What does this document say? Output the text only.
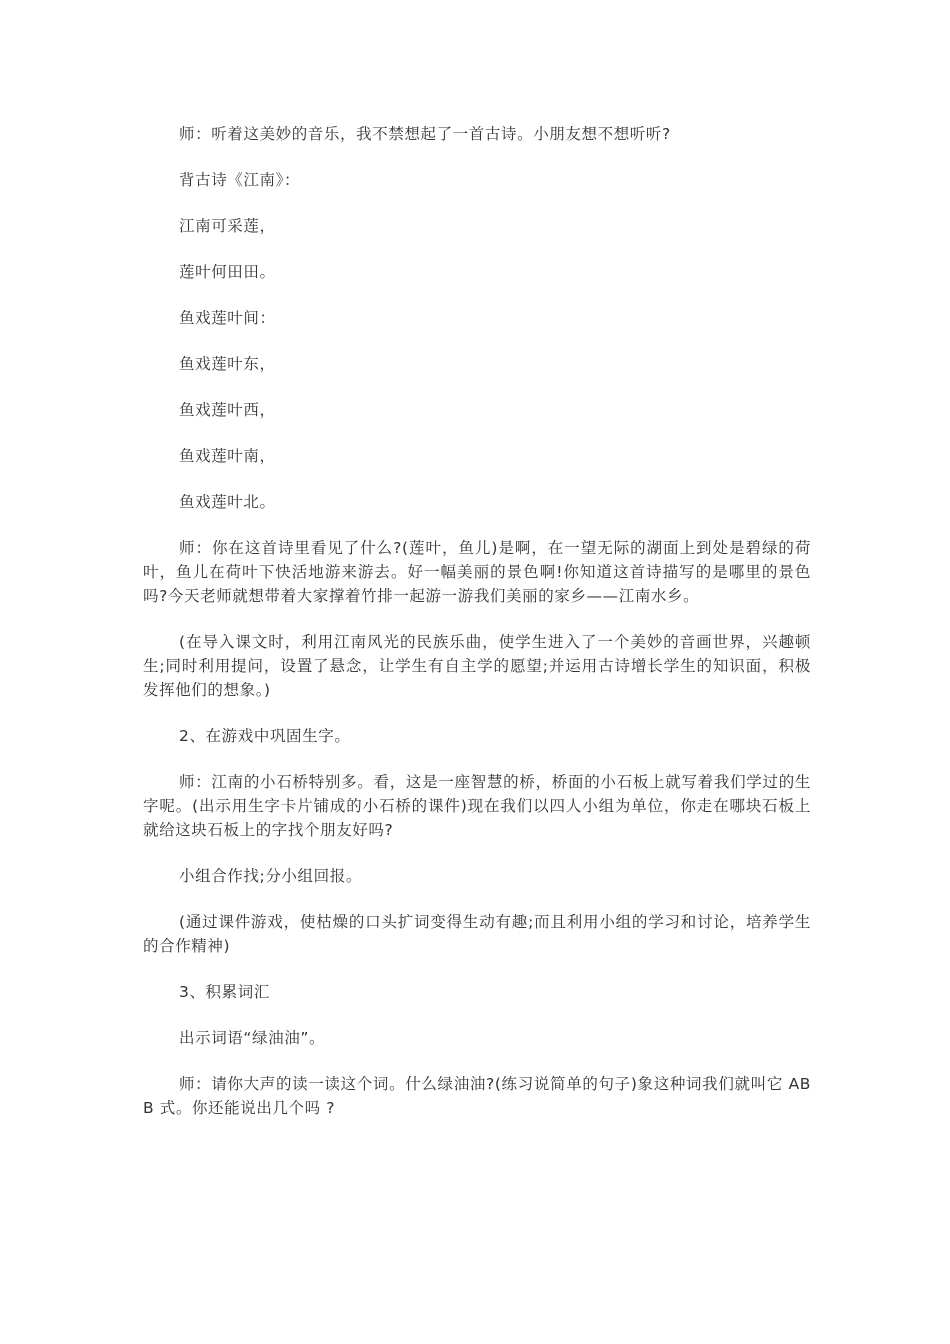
师：听着这美妙的音乐，我不禁想起了一首古诗。小朋友想不想听听?

背古诗《江南》：

江南可采莲，

莲叶何田田。

鱼戏莲叶间：

鱼戏莲叶东，

鱼戏莲叶西，

鱼戏莲叶南，

鱼戏莲叶北。

师：你在这首诗里看见了什么?(莲叶，鱼儿)是啊，在一望无际的湖面上到处是碧绿的荷叶，鱼儿在荷叶下快活地游来游去。好一幅美丽的景色啊!你知道这首诗描写的是哪里的景色吗?今天老师就想带着大家撑着竹排一起游一游我们美丽的家乡——江南水乡。

(在导入课文时，利用江南风光的民族乐曲，使学生进入了一个美妙的音画世界，兴趣顿生;同时利用提问，设置了悬念，让学生有自主学的愿望;并运用古诗增长学生的知识面，积极发挥他们的想象。)

2、在游戏中巩固生字。

师：江南的小石桥特别多。看，这是一座智慧的桥，桥面的小石板上就写着我们学过的生字呢。(出示用生字卡片铺成的小石桥的课件)现在我们以四人小组为单位，你走在哪块石板上就给这块石板上的字找个朋友好吗?

小组合作找;分小组回报。

(通过课件游戏，使枯燥的口头扩词变得生动有趣;而且利用小组的学习和讨论，培养学生的合作精神)

3、积累词汇

出示词语“绿油油”。

师：请你大声的读一读这个词。什么绿油油?(练习说简单的句子)象这种词我们就叫它 ABB 式。你还能说出几个吗 ?
